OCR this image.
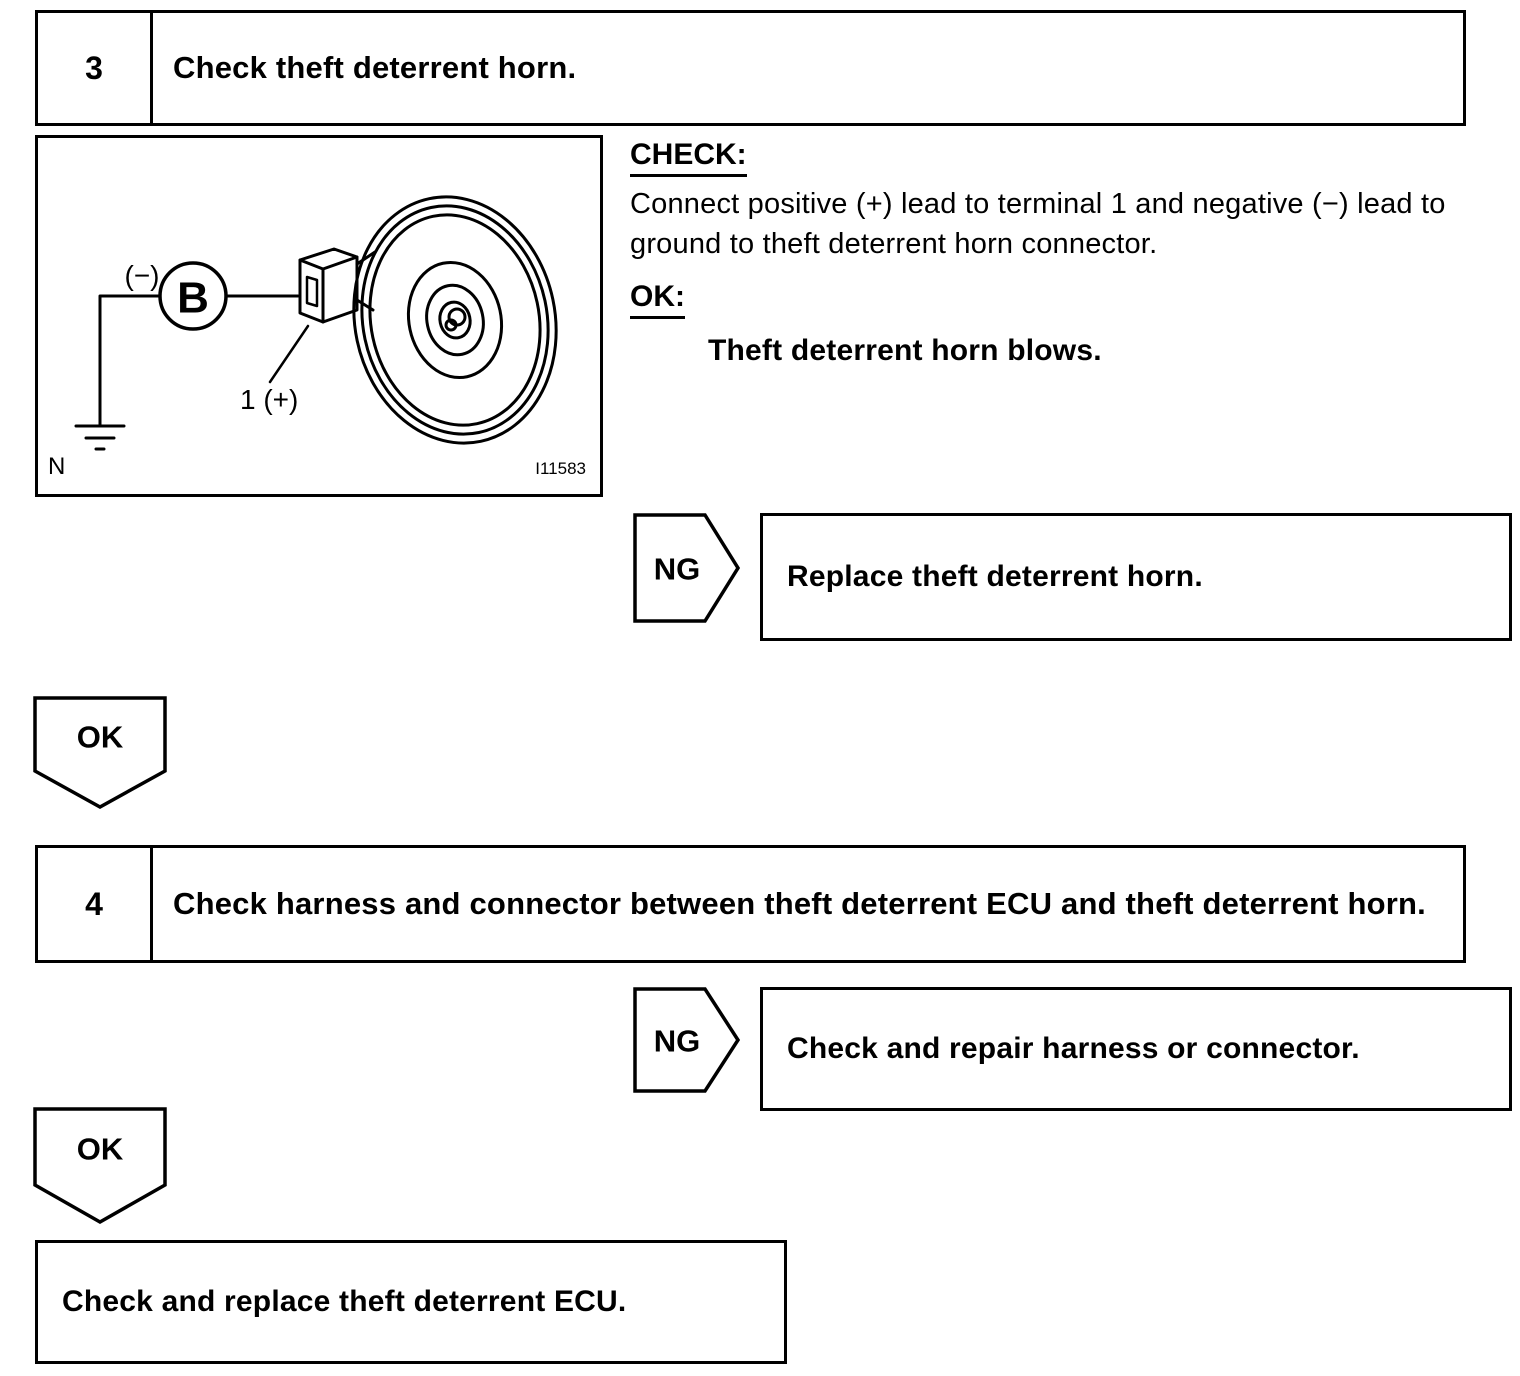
3	Check theft deterrent horn.
(−) B
1 (+)
N	I11583
CHECK:
Connect positive (+) lead to terminal 1 and negative (−) lead to ground to theft deterrent horn connector.
OK:
Theft deterrent horn blows.
NG	Replace theft deterrent horn.
OK
4	Check harness and connector between theft deterrent ECU and theft deterrent horn.
NG	Check and repair harness or connector.
OK
Check and replace theft deterrent ECU.
